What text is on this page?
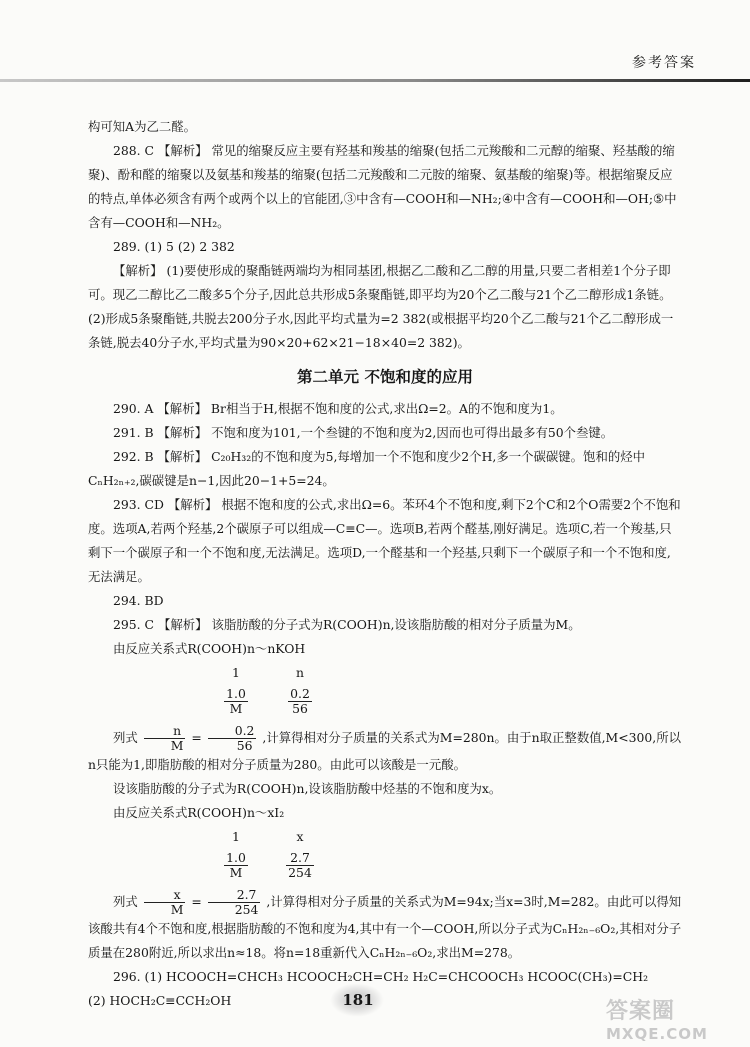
参考答案

构可知A为乙二醛。

288. C 【解析】 常见的缩聚反应主要有羟基和羧基的缩聚(包括二元羧酸和二元醇的缩聚、羟基酸的缩聚)、酚和醛的缩聚以及氨基和羧基的缩聚(包括二元羧酸和二元胺的缩聚、氨基酸的缩聚)等。根据缩聚反应的特点,单体必须含有两个或两个以上的官能团,③中含有—COOH和—NH₂;④中含有—COOH和—OH;⑤中含有—COOH和—NH₂。

289. (1) 5 (2) 2 382

【解析】 (1)要使形成的聚酯链两端均为相同基团,根据乙二酸和乙二醇的用量,只要二者相差1个分子即可。现乙二醇比乙二酸多5个分子,因此总共形成5条聚酯链,即平均为20个乙二酸与21个乙二醇形成1条链。(2)形成5条聚酯链,共脱去200分子水,因此平均式量为=2 382(或根据平均20个乙二酸与21个乙二醇形成一条链,脱去40分子水,平均式量为90×20+62×21−18×40=2 382)。

第二单元 不饱和度的应用

290. A 【解析】 Br相当于H,根据不饱和度的公式,求出Ω=2。A的不饱和度为1。

291. B 【解析】 不饱和度为101,一个叁键的不饱和度为2,因而也可得出最多有50个叁键。

292. B 【解析】 C₂₀H₃₂的不饱和度为5,每增加一个不饱和度少2个H,多一个碳碳键。饱和的烃中CₙH₂ₙ₊₂,碳碳键是n−1,因此20−1+5=24。

293. CD 【解析】 根据不饱和度的公式,求出Ω=6。苯环4个不饱和度,剩下2个C和2个O需要2个不饱和度。选项A,若两个羟基,2个碳原子可以组成—C≡C—。选项B,若两个醛基,刚好满足。选项C,若一个羧基,只剩下一个碳原子和一个不饱和度,无法满足。选项D,一个醛基和一个羟基,只剩下一个碳原子和一个不饱和度,无法满足。

294. BD

295. C 【解析】 该脂肪酸的分子式为R(COOH)n,设该脂肪酸的相对分子质量为M。

由反应关系式R(COOH)n～nKOH

1	n
$\frac{1.0}{M}$	$\frac{0.2}{56}$

列式 $\frac{n}{M} = \frac{0.2}{56}$ ,计算得相对分子质量的关系式为M=280n。由于n取正整数值,M<300,所以n只能为1,即脂肪酸的相对分子质量为280。由此可以该酸是一元酸。

设该脂肪酸的分子式为R(COOH)n,设该脂肪酸中烃基的不饱和度为x。

由反应关系式R(COOH)n～xI₂

1	x
$\frac{1.0}{M}$	$\frac{2.7}{254}$

列式 $\frac{x}{M} = \frac{2.7}{254}$ ,计算得相对分子质量的关系式为M=94x;当x=3时,M=282。由此可以得知该酸共有4个不饱和度,根据脂肪酸的不饱和度为4,其中有一个—COOH,所以分子式为CₙH₂ₙ₋₆O₂,其相对分子质量在280附近,所以求出n≈18。将n=18重新代入CₙH₂ₙ₋₆O₂,求出M=278。

296. (1) HCOOCH=CHCH₃ HCOOCH₂CH=CH₂ H₂C=CHCOOCH₃ HCOOC(CH₃)=CH₂

(2) HOCH₂C≡CCH₂OH	181	答案圈
MXQE.COM
